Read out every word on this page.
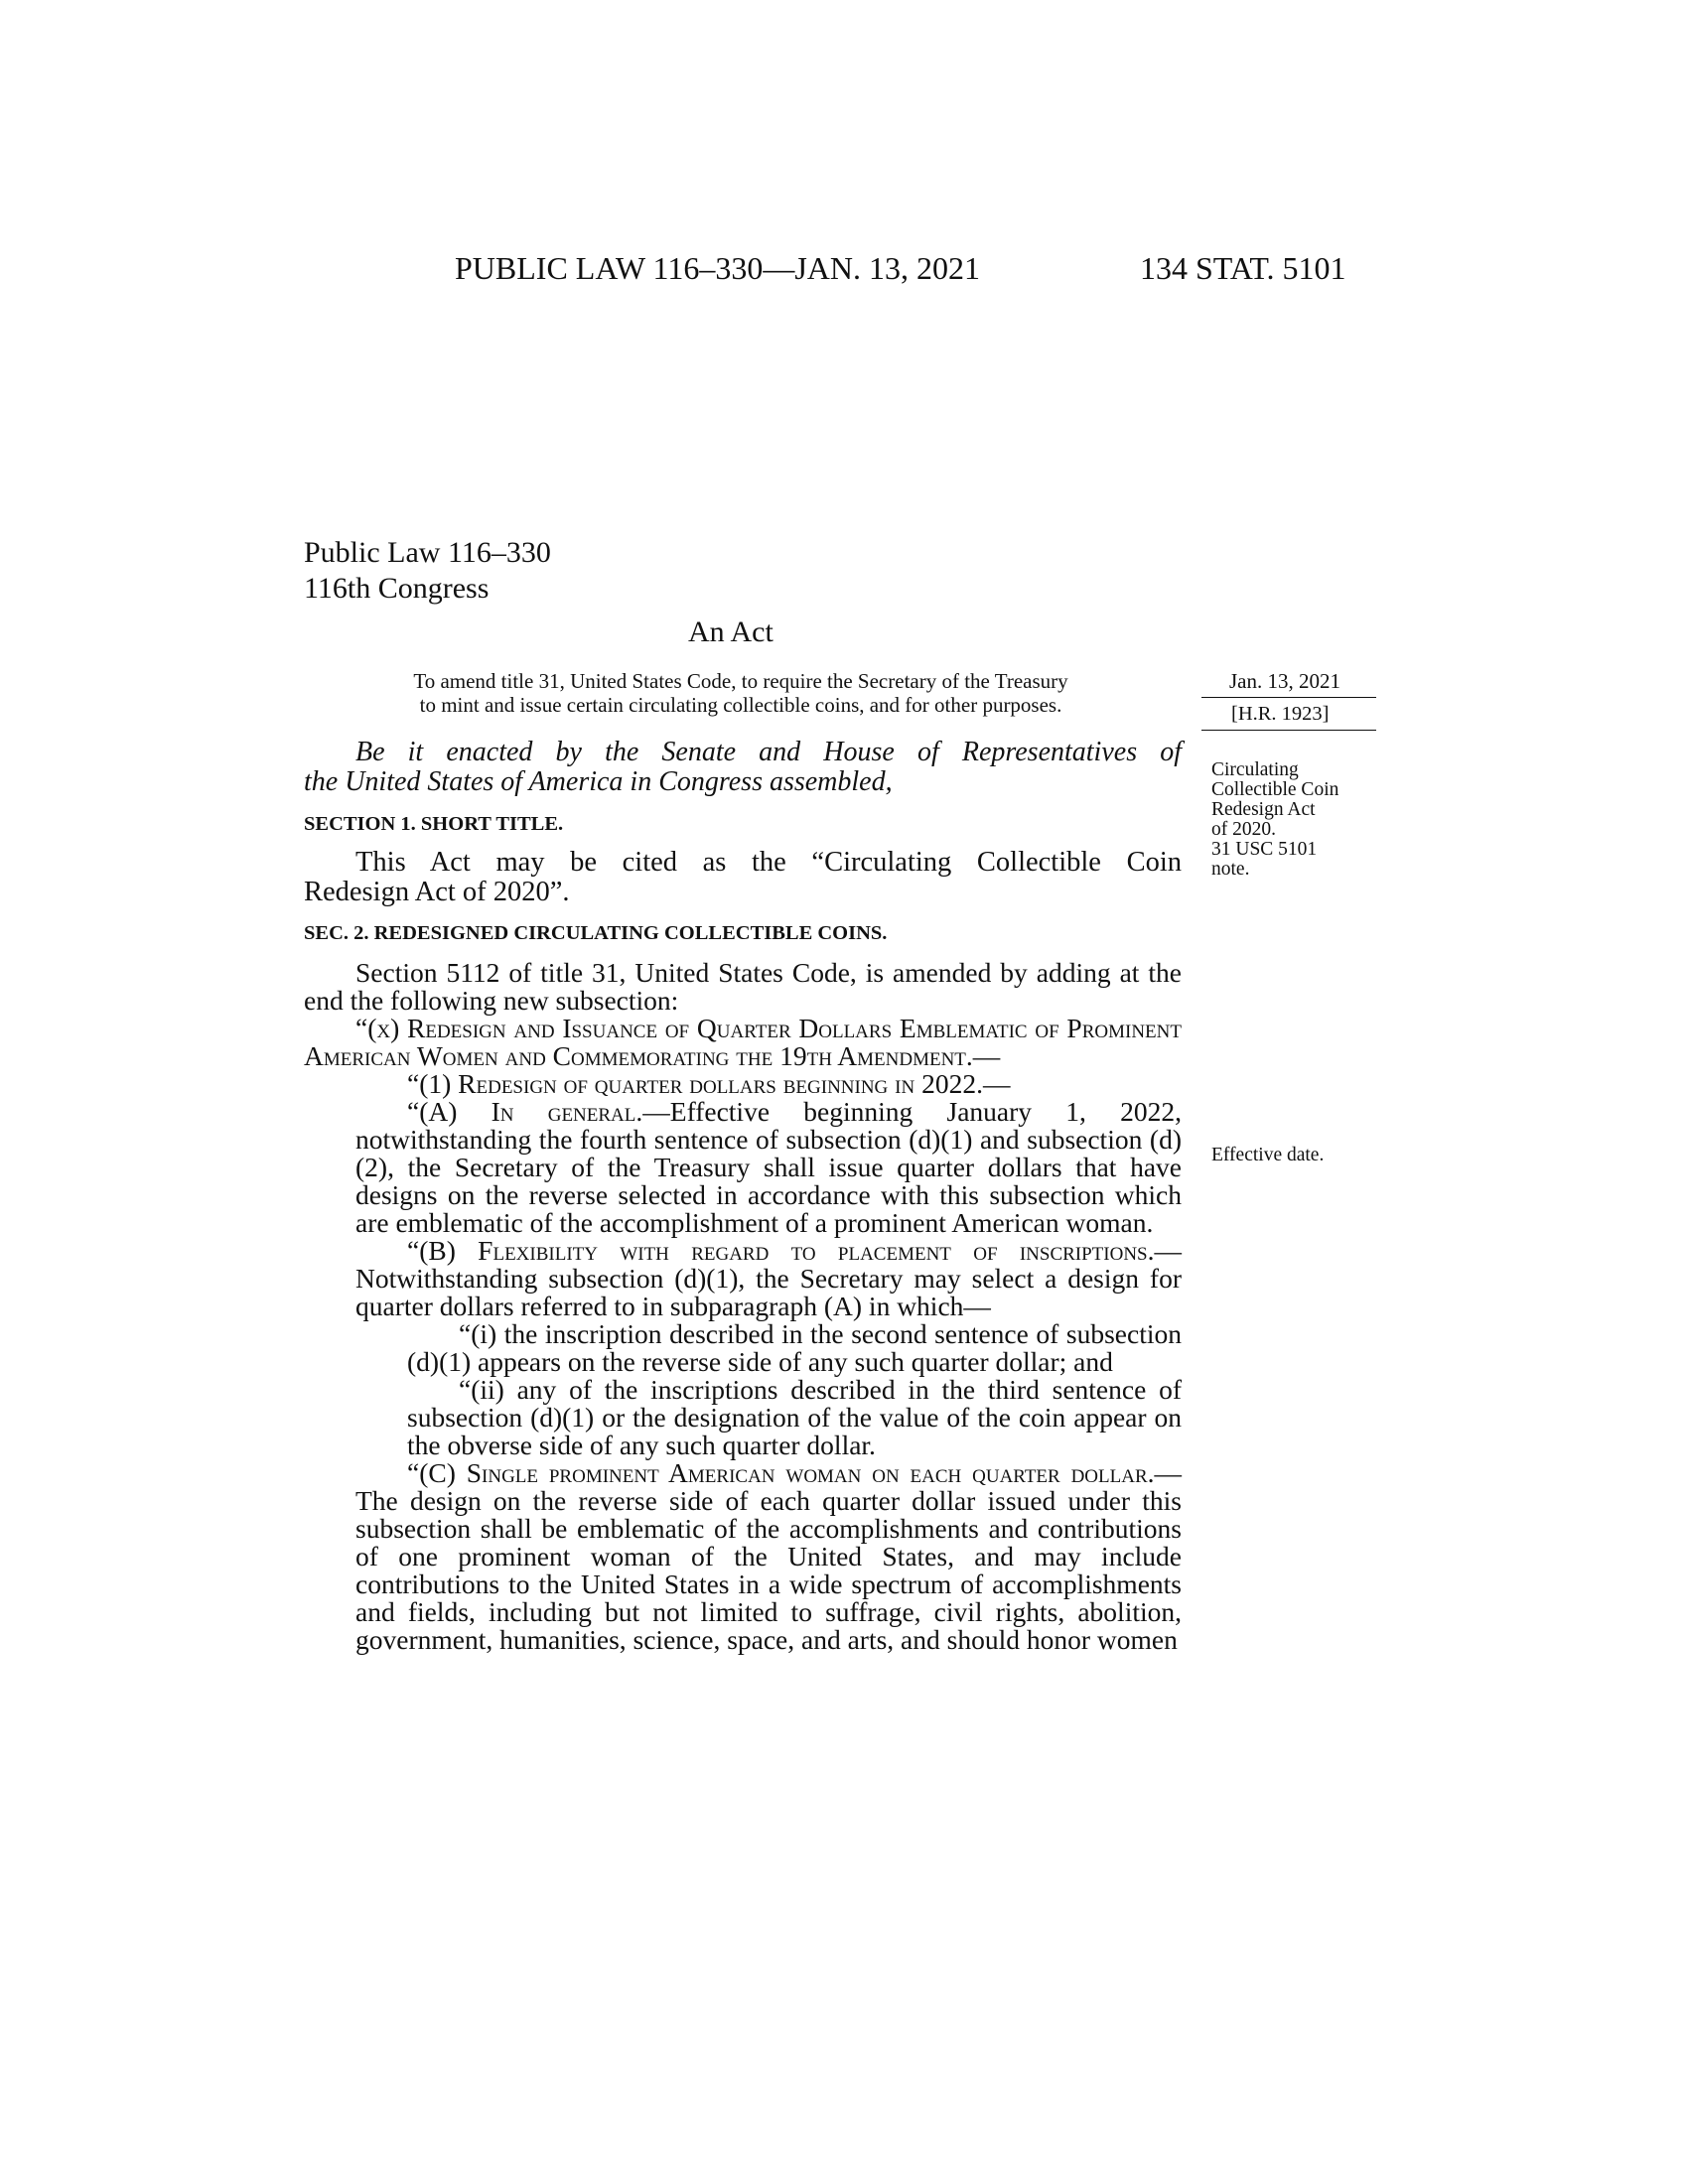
PUBLIC LAW 116–330—JAN. 13, 2021	134 STAT. 5101
Public Law 116–330
116th Congress
An Act
To amend title 31, United States Code, to require the Secretary of the Treasury
to mint and issue certain circulating collectible coins, and for other purposes.
Jan. 13, 2021
[H.R. 1923]
Circulating
Collectible Coin
Redesign Act
of 2020.
31 USC 5101
note.
Effective date.

Be it enacted by the Senate and House of Representatives of

the United States of America in Congress assembled,

SECTION 1. SHORT TITLE.

This Act may be cited as the “Circulating Collectible Coin

Redesign Act of 2020”.

SEC. 2. REDESIGNED CIRCULATING COLLECTIBLE COINS.

Section 5112 of title 31, United States Code, is amended by adding at the end the following new subsection:

“(x) Redesign and Issuance of Quarter Dollars Emblematic of Prominent American Women and Commemorating the 19th Amendment.—

“(1) Redesign of quarter dollars beginning in 2022.—

“(A) In general.—Effective beginning January 1, 2022, notwithstanding the fourth sentence of subsection (d)(1) and subsection (d)(2), the Secretary of the Treasury shall issue quarter dollars that have designs on the reverse selected in accordance with this subsection which are emblematic of the accomplishment of a prominent American woman.

“(B) Flexibility with regard to placement of inscriptions.—Notwithstanding subsection (d)(1), the Secretary may select a design for quarter dollars referred to in subparagraph (A) in which—

“(i) the inscription described in the second sentence of subsection (d)(1) appears on the reverse side of any such quarter dollar; and

“(ii) any of the inscriptions described in the third sentence of subsection (d)(1) or the designation of the value of the coin appear on the obverse side of any such quarter dollar.

“(C) Single prominent American woman on each quarter dollar.—The design on the reverse side of each quarter dollar issued under this subsection shall be emblematic of the accomplishments and contributions of one prominent woman of the United States, and may include contributions to the United States in a wide spectrum of accomplishments and fields, including but not limited to suffrage, civil rights, abolition, government, humanities, science, space, and arts, and should honor women
